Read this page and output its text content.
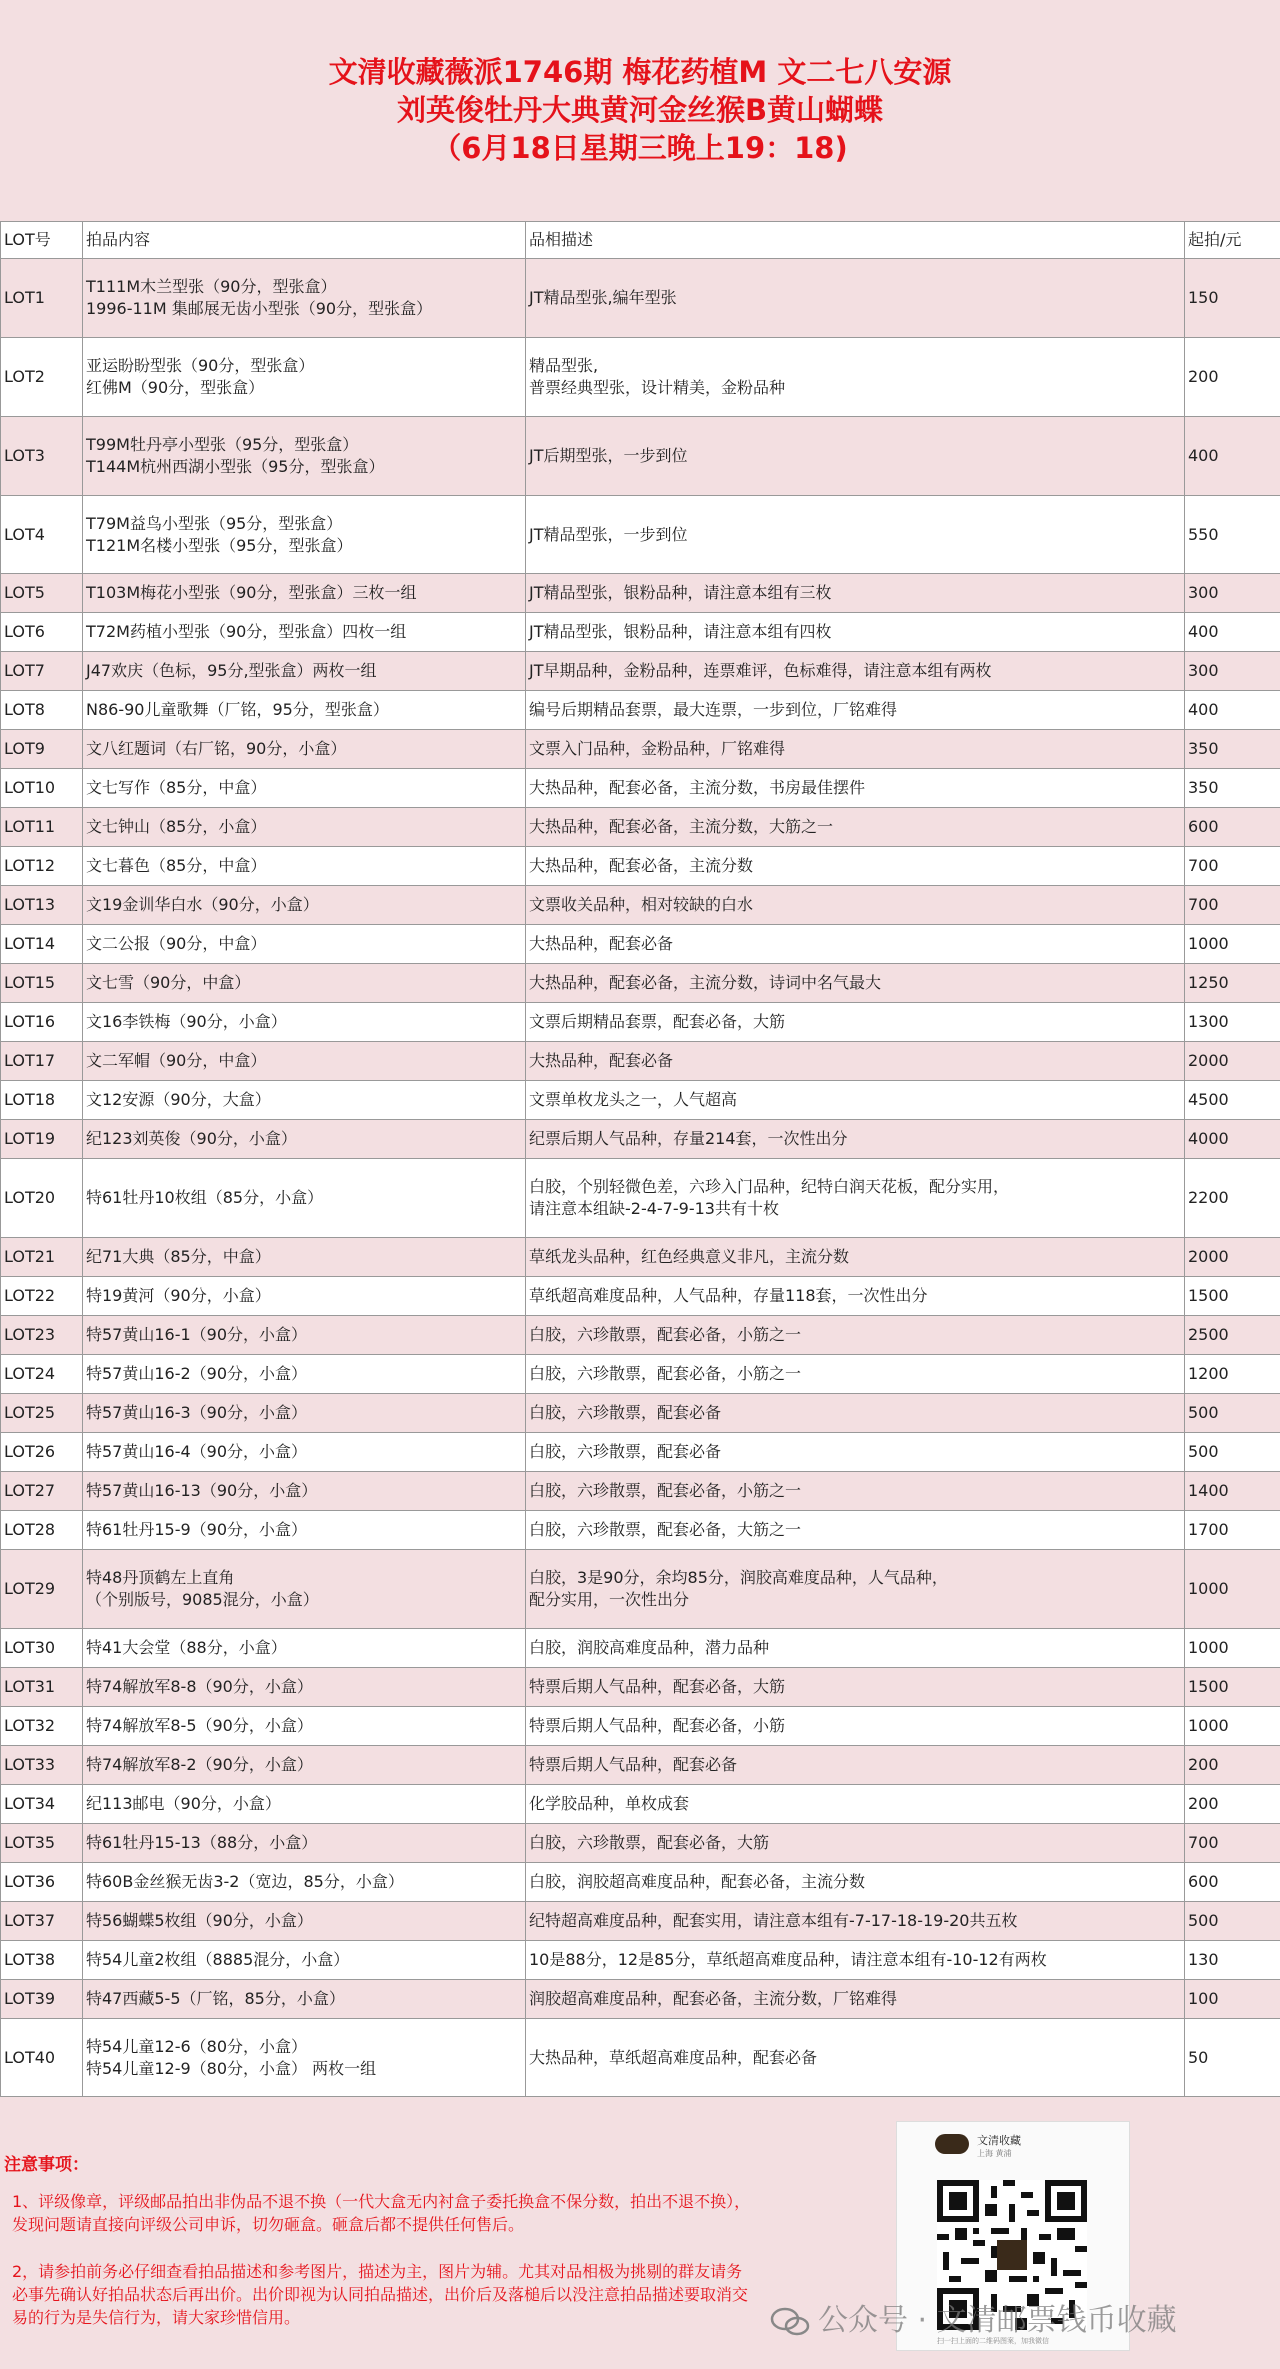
文清收藏薇派1746期 梅花药植M 文二七八安源
刘英俊牡丹大典黄河金丝猴B黄山蝴蝶
（6月18日星期三晚上19：18)
LOT号	拍品内容	品相描述	起拍/元
LOT1	T111M木兰型张（90分，型张盒）
1996-11M 集邮展无齿小型张（90分，型张盒）	JT精品型张,编年型张	150
LOT2	亚运盼盼型张（90分，型张盒）
红佛M（90分，型张盒）	精品型张,
普票经典型张，设计精美，金粉品种	200
LOT3	T99M牡丹亭小型张（95分，型张盒）
T144M杭州西湖小型张（95分，型张盒）	JT后期型张，一步到位	400
LOT4	T79M益鸟小型张（95分，型张盒）
T121M名楼小型张（95分，型张盒）	JT精品型张，一步到位	550
LOT5	T103M梅花小型张（90分，型张盒）三枚一组	JT精品型张，银粉品种，请注意本组有三枚	300
LOT6	T72M药植小型张（90分，型张盒）四枚一组	JT精品型张，银粉品种，请注意本组有四枚	400
LOT7	J47欢庆（色标，95分,型张盒）两枚一组	JT早期品种，金粉品种，连票难评，色标难得，请注意本组有两枚	300
LOT8	N86-90儿童歌舞（厂铭，95分，型张盒）	编号后期精品套票，最大连票，一步到位，厂铭难得	400
LOT9	文八红题词（右厂铭，90分，小盒）	文票入门品种，金粉品种，厂铭难得	350
LOT10	文七写作（85分，中盒）	大热品种，配套必备，主流分数，书房最佳摆件	350
LOT11	文七钟山（85分，小盒）	大热品种，配套必备，主流分数，大筋之一	600
LOT12	文七暮色（85分，中盒）	大热品种，配套必备，主流分数	700
LOT13	文19金训华白水（90分，小盒）	文票收关品种，相对较缺的白水	700
LOT14	文二公报（90分，中盒）	大热品种，配套必备	1000
LOT15	文七雪（90分，中盒）	大热品种，配套必备，主流分数，诗词中名气最大	1250
LOT16	文16李铁梅（90分，小盒）	文票后期精品套票，配套必备，大筋	1300
LOT17	文二军帽（90分，中盒）	大热品种，配套必备	2000
LOT18	文12安源（90分，大盒）	文票单枚龙头之一，人气超高	4500
LOT19	纪123刘英俊（90分，小盒）	纪票后期人气品种，存量214套，一次性出分	4000
LOT20	特61牡丹10枚组（85分，小盒）	白胶，个别轻微色差，六珍入门品种，纪特白润天花板，配分实用，
请注意本组缺-2-4-7-9-13共有十枚	2200
LOT21	纪71大典（85分，中盒）	草纸龙头品种，红色经典意义非凡，主流分数	2000
LOT22	特19黄河（90分，小盒）	草纸超高难度品种，人气品种，存量118套，一次性出分	1500
LOT23	特57黄山16-1（90分，小盒）	白胶，六珍散票，配套必备，小筋之一	2500
LOT24	特57黄山16-2（90分，小盒）	白胶，六珍散票，配套必备，小筋之一	1200
LOT25	特57黄山16-3（90分，小盒）	白胶，六珍散票，配套必备	500
LOT26	特57黄山16-4（90分，小盒）	白胶，六珍散票，配套必备	500
LOT27	特57黄山16-13（90分，小盒）	白胶，六珍散票，配套必备，小筋之一	1400
LOT28	特61牡丹15-9（90分，小盒）	白胶，六珍散票，配套必备，大筋之一	1700
LOT29	特48丹顶鹤左上直角
（个别版号，9085混分，小盒）	白胶，3是90分，余均85分，润胶高难度品种，人气品种，
配分实用，一次性出分	1000
LOT30	特41大会堂（88分，小盒）	白胶，润胶高难度品种，潜力品种	1000
LOT31	特74解放军8-8（90分，小盒）	特票后期人气品种，配套必备，大筋	1500
LOT32	特74解放军8-5（90分，小盒）	特票后期人气品种，配套必备，小筋	1000
LOT33	特74解放军8-2（90分，小盒）	特票后期人气品种，配套必备	200
LOT34	纪113邮电（90分，小盒）	化学胶品种，单枚成套	200
LOT35	特61牡丹15-13（88分，小盒）	白胶，六珍散票，配套必备，大筋	700
LOT36	特60B金丝猴无齿3-2（宽边，85分，小盒）	白胶，润胶超高难度品种，配套必备，主流分数	600
LOT37	特56蝴蝶5枚组（90分，小盒）	纪特超高难度品种，配套实用，请注意本组有-7-17-18-19-20共五枚	500
LOT38	特54儿童2枚组（8885混分，小盒）	10是88分，12是85分，草纸超高难度品种，请注意本组有-10-12有两枚	130
LOT39	特47西藏5-5（厂铭，85分，小盒）	润胶超高难度品种，配套必备，主流分数，厂铭难得	100
LOT40	特54儿童12-6（80分，小盒）
特54儿童12-9（80分，小盒） 两枚一组	大热品种，草纸超高难度品种，配套必备	50
注意事项：
1、评级像章，评级邮品拍出非伪品不退不换（一代大盒无内衬盒子委托换盒不保分数，拍出不退不换），发现问题请直接向评级公司申诉，切勿砸盒。砸盒后都不提供任何售后。
2，请参拍前务必仔细查看拍品描述和参考图片，描述为主，图片为辅。尤其对品相极为挑剔的群友请务必事先确认好拍品状态后再出价。出价即视为认同拍品描述，出价后及落槌后以没注意拍品描述要取消交易的行为是失信行为，请大家珍惜信用。
文清收藏
上海 黄浦
扫一扫上面的二维码图案，加我微信
公众号 · 文清邮票钱币收藏
